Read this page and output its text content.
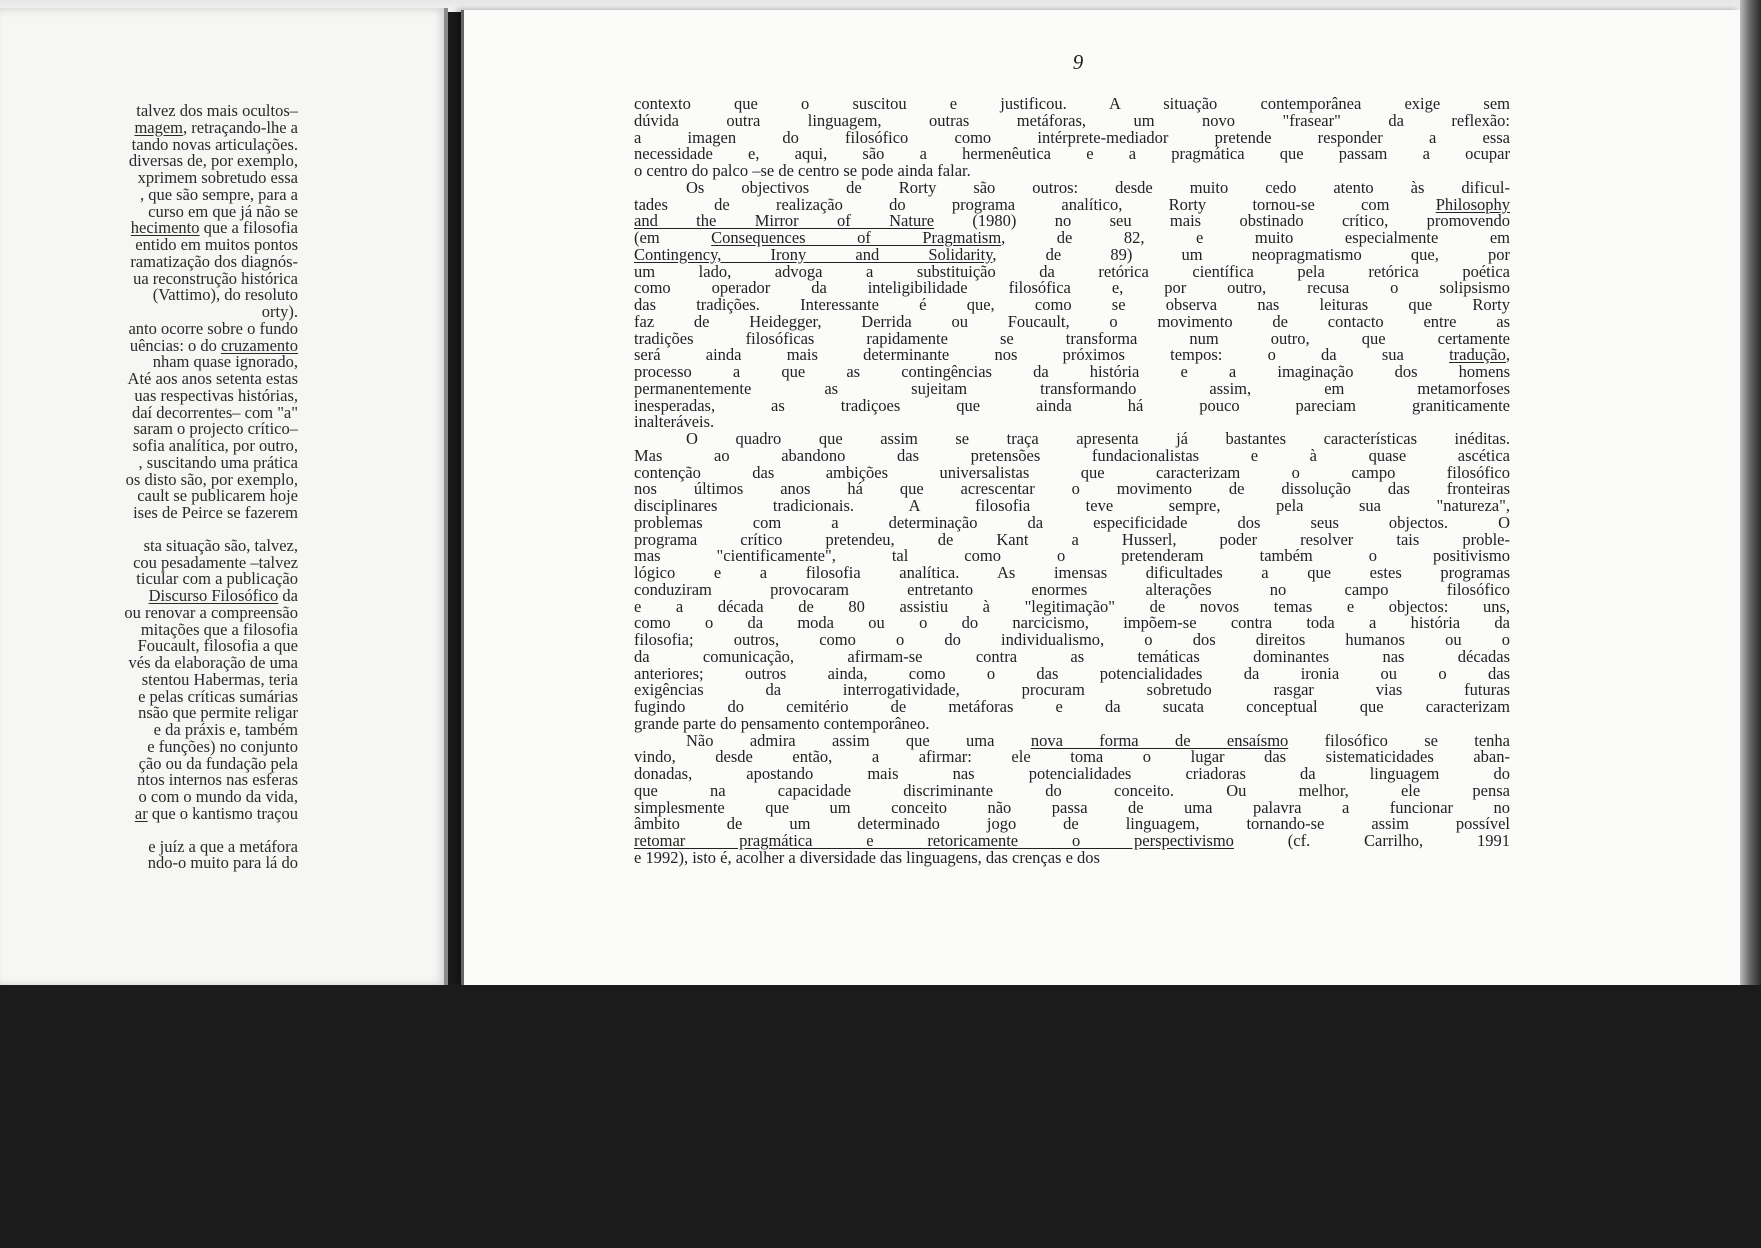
talvez dos mais ocultos–
magem, retraçando-lhe a
tando novas articulações.
diversas de, por exemplo,
xprimem sobretudo essa
, que são sempre, para a
curso em que já não se
hecimento que a filosofia
entido em muitos pontos
ramatização dos diagnós-
ua reconstrução histórica
(Vattimo), do resoluto
orty).
anto ocorre sobre o fundo
uências: o do cruzamento
nham quase ignorado,
Até aos anos setenta estas
uas respectivas histórias,
daí decorrentes– com "a"
saram o projecto crítico–
sofia analítica, por outro,
, suscitando uma prática
os disto são, por exemplo,
cault se publicarem hoje
ises de Peirce se fazerem
sta situação são, talvez,
cou pesadamente –talvez
ticular com a publicação
Discurso Filosófico da
ou renovar a compreensão
mitações que a filosofia
Foucault, filosofia a que
vés da elaboração de uma
stentou Habermas, teria
e pelas críticas sumárias
nsão que permite religar
e da práxis e, também
e funções) no conjunto
ção ou da fundação pela
ntos internos nas esferas
o com o mundo da vida,
ar que o kantismo traçou
e juíz a que a metáfora
ndo-o muito para lá do
9
contexto que o suscitou e justificou. A situação contemporânea exige sem
dúvida outra linguagem, outras metáforas, um novo "frasear" da reflexão:
a imagen do filosófico como intérprete-mediador pretende responder a essa
necessidade e, aqui, são a hermenêutica e a pragmática que passam a ocupar
o centro do palco –se de centro se pode ainda falar.
Os objectivos de Rorty são outros: desde muito cedo atento às dificul-
tades de realização do programa analítico, Rorty tornou-se com Philosophy
and the Mirror of Nature (1980) no seu mais obstinado crítico, promovendo
(em Consequences of Pragmatism, de 82, e muito especialmente em
Contingency, Irony and Solidarity, de 89) um neopragmatismo que, por
um lado, advoga a substituição da retórica científica pela retórica poética
como operador da inteligibilidade filosófica e, por outro, recusa o solipsismo
das tradições. Interessante é que, como se observa nas leituras que Rorty
faz de Heidegger, Derrida ou Foucault, o movimento de contacto entre as
tradições filosóficas rapidamente se transforma num outro, que certamente
será ainda mais determinante nos próximos tempos: o da sua tradução,
processo a que as contingências da história e a imaginação dos homens
permanentemente as sujeitam transformando assim, em metamorfoses
inesperadas, as tradiçoes que ainda há pouco pareciam graniticamente
inalteráveis.
O quadro que assim se traça apresenta já bastantes características inéditas.
Mas ao abandono das pretensões fundacionalistas e à quase ascética
contenção das ambições universalistas que caracterizam o campo filosófico
nos últimos anos há que acrescentar o movimento de dissolução das fronteiras
disciplinares tradicionais. A filosofia teve sempre, pela sua "natureza",
problemas com a determinação da especificidade dos seus objectos. O
programa crítico pretendeu, de Kant a Husserl, poder resolver tais proble-
mas "cientificamente", tal como o pretenderam também o positivismo
lógico e a filosofia analítica. As imensas dificultades a que estes programas
conduziram provocaram entretanto enormes alterações no campo filosófico
e a década de 80 assistiu à "legitimação" de novos temas e objectos: uns,
como o da moda ou o do narcicismo, impõem-se contra toda a história da
filosofia; outros, como o do individualismo, o dos direitos humanos ou o
da comunicação, afirmam-se contra as temáticas dominantes nas décadas
anteriores; outros ainda, como o das potencialidades da ironia ou o das
exigências da interrogatividade, procuram sobretudo rasgar vias futuras
fugindo do cemitério de metáforas e da sucata conceptual que caracterizam
grande parte do pensamento contemporâneo.
Não admira assim que uma nova forma de ensaísmo filosófico se tenha
vindo, desde então, a afirmar: ele toma o lugar das sistematicidades aban-
donadas, apostando mais nas potencialidades criadoras da linguagem do
que na capacidade discriminante do conceito. Ou melhor, ele pensa
simplesmente que um conceito não passa de uma palavra a funcionar no
âmbito de um determinado jogo de linguagem, tornando-se assim possível
retomar pragmática e retoricamente o perspectivismo (cf. Carrilho, 1991
e 1992), isto é, acolher a diversidade das linguagens, das crenças e dos
